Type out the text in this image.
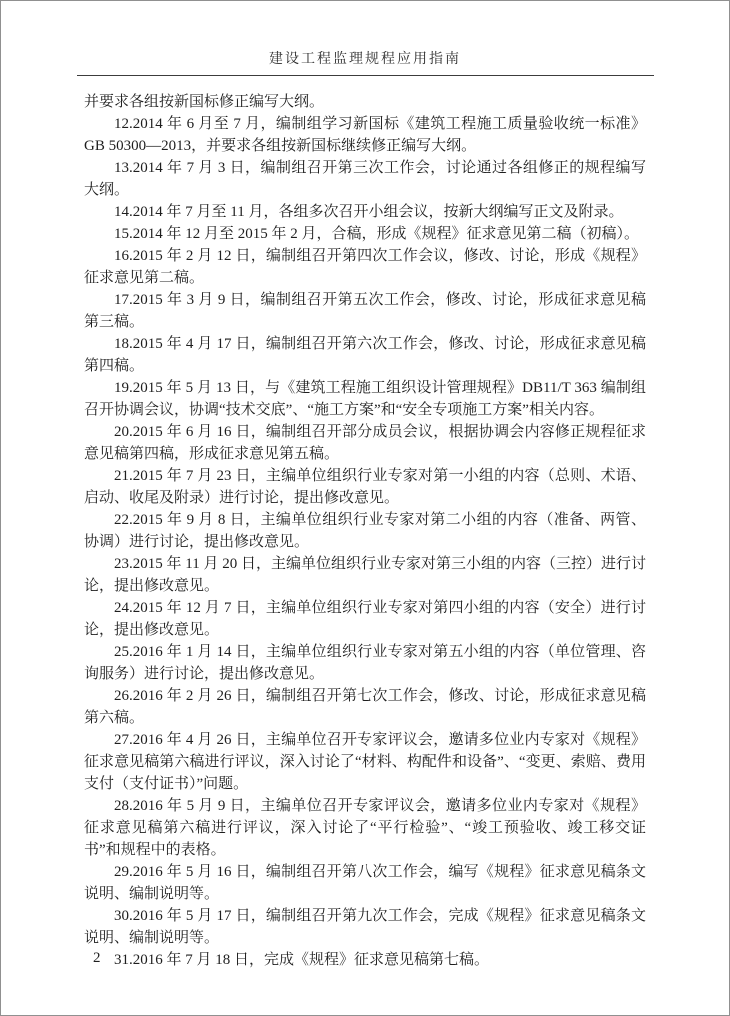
建设工程监理规程应用指南

并要求各组按新国标修正编写大纲。

12.2014 年 6 月至 7 月，编制组学习新国标《建筑工程施工质量验收统一标准》GB 50300—2013，并要求各组按新国标继续修正编写大纲。

13.2014 年 7 月 3 日，编制组召开第三次工作会，讨论通过各组修正的规程编写大纲。

14.2014 年 7 月至 11 月，各组多次召开小组会议，按新大纲编写正文及附录。

15.2014 年 12 月至 2015 年 2 月，合稿，形成《规程》征求意见第二稿（初稿）。

16.2015 年 2 月 12 日，编制组召开第四次工作会议，修改、讨论，形成《规程》征求意见第二稿。

17.2015 年 3 月 9 日，编制组召开第五次工作会，修改、讨论，形成征求意见稿第三稿。

18.2015 年 4 月 17 日，编制组召开第六次工作会，修改、讨论，形成征求意见稿第四稿。

19.2015 年 5 月 13 日，与《建筑工程施工组织设计管理规程》DB11/T 363 编制组召开协调会议，协调“技术交底”、“施工方案”和“安全专项施工方案”相关内容。

20.2015 年 6 月 16 日，编制组召开部分成员会议，根据协调会内容修正规程征求意见稿第四稿，形成征求意见第五稿。

21.2015 年 7 月 23 日，主编单位组织行业专家对第一小组的内容（总则、术语、启动、收尾及附录）进行讨论，提出修改意见。

22.2015 年 9 月 8 日，主编单位组织行业专家对第二小组的内容（准备、两管、协调）进行讨论，提出修改意见。

23.2015 年 11 月 20 日，主编单位组织行业专家对第三小组的内容（三控）进行讨论，提出修改意见。

24.2015 年 12 月 7 日，主编单位组织行业专家对第四小组的内容（安全）进行讨论，提出修改意见。

25.2016 年 1 月 14 日，主编单位组织行业专家对第五小组的内容（单位管理、咨询服务）进行讨论，提出修改意见。

26.2016 年 2 月 26 日，编制组召开第七次工作会，修改、讨论，形成征求意见稿第六稿。

27.2016 年 4 月 26 日，主编单位召开专家评议会，邀请多位业内专家对《规程》征求意见稿第六稿进行评议，深入讨论了“材料、构配件和设备”、“变更、索赔、费用支付（支付证书）”问题。

28.2016 年 5 月 9 日，主编单位召开专家评议会，邀请多位业内专家对《规程》征求意见稿第六稿进行评议，深入讨论了“平行检验”、“竣工预验收、竣工移交证书”和规程中的表格。

29.2016 年 5 月 16 日，编制组召开第八次工作会，编写《规程》征求意见稿条文说明、编制说明等。

30.2016 年 5 月 17 日，编制组召开第九次工作会，完成《规程》征求意见稿条文说明、编制说明等。

31.2016 年 7 月 18 日，完成《规程》征求意见稿第七稿。

2
